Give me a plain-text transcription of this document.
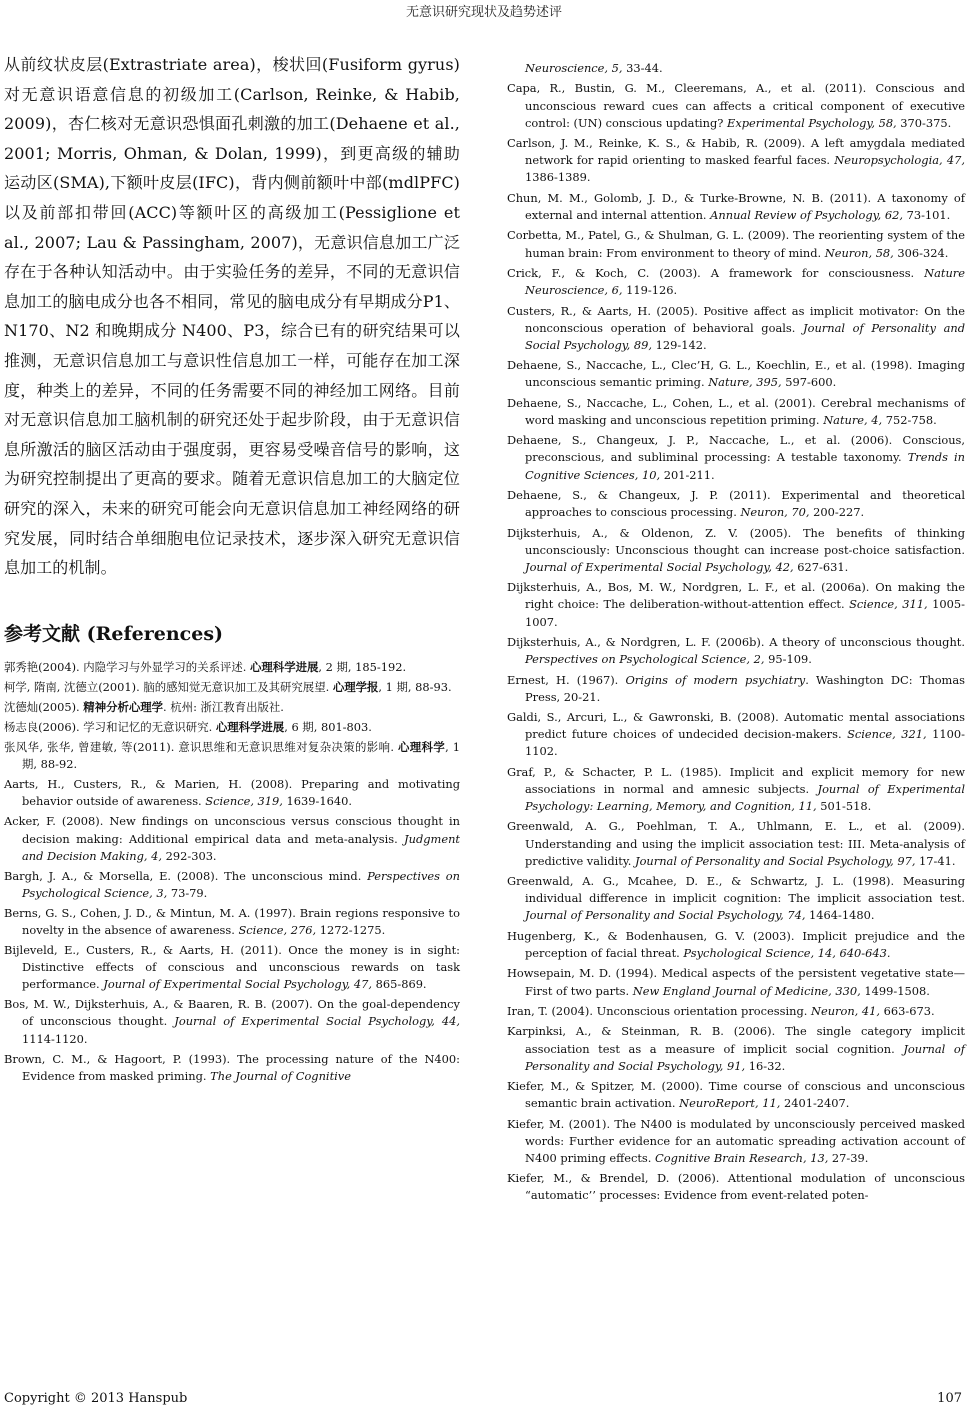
无意识研究现状及趋势述评

从前纹状皮层(Extrastriate area)，梭状回(Fusiform gyrus)对无意识语意信息的初级加工(Carlson, Reinke, & Habib, 2009)，杏仁核对无意识恐惧面孔刺激的加工(Dehaene et al., 2001; Morris, Ohman, & Dolan, 1999)，到更高级的辅助运动区(SMA),下额叶皮层(IFC)，背内侧前额叶中部(mdlPFC)以及前部扣带回(ACC)等额叶区的高级加工(Pessiglione et al., 2007; Lau & Passingham, 2007)，无意识信息加工广泛存在于各种认知活动中。由于实验任务的差异，不同的无意识信息加工的脑电成分也各不相同，常见的脑电成分有早期成分P1、N170、N2 和晚期成分 N400、P3，综合已有的研究结果可以推测，无意识信息加工与意识性信息加工一样，可能存在加工深度，种类上的差异，不同的任务需要不同的神经加工网络。目前对无意识信息加工脑机制的研究还处于起步阶段，由于无意识信息所激活的脑区活动由于强度弱，更容易受噪音信号的影响，这为研究控制提出了更高的要求。随着无意识信息加工的大脑定位研究的深入，未来的研究可能会向无意识信息加工神经网络的研究发展，同时结合单细胞电位记录技术，逐步深入研究无意识信息加工的机制。

参考文献 (References)
郭秀艳(2004). 内隐学习与外显学习的关系评述. 心理科学进展, 2 期, 185-192.
柯学, 隋南, 沈德立(2001). 脑的感知觉无意识加工及其研究展望. 心理学报, 1 期, 88-93.
沈德灿(2005). 精神分析心理学. 杭州: 浙江教育出版社.
杨志良(2006). 学习和记忆的无意识研究. 心理科学进展, 6 期, 801-803.
张风华, 张华, 曾建敏, 等(2011). 意识思维和无意识思维对复杂决策的影响. 心理科学, 1 期, 88-92.
Aarts, H., Custers, R., & Marien, H. (2008). Preparing and motivating behavior outside of awareness. Science, 319, 1639-1640.
Acker, F. (2008). New findings on unconscious versus conscious thought in decision making: Additional empirical data and meta-analysis. Judgment and Decision Making, 4, 292-303.
Bargh, J. A., & Morsella, E. (2008). The unconscious mind. Perspectives on Psychological Science, 3, 73-79.
Berns, G. S., Cohen, J. D., & Mintun, M. A. (1997). Brain regions responsive to novelty in the absence of awareness. Science, 276, 1272-1275.
Bijleveld, E., Custers, R., & Aarts, H. (2011). Once the money is in sight: Distinctive effects of conscious and unconscious rewards on task performance. Journal of Experimental Social Psychology, 47, 865-869.
Bos, M. W., Dijksterhuis, A., & Baaren, R. B. (2007). On the goal-dependency of unconscious thought. Journal of Experimental Social Psychology, 44, 1114-1120.
Brown, C. M., & Hagoort, P. (1993). The processing nature of the N400: Evidence from masked priming. The Journal of Cognitive
Neuroscience, 5, 33-44.
Capa, R., Bustin, G. M., Cleeremans, A., et al. (2011). Conscious and unconscious reward cues can affects a critical component of executive control: (UN) conscious updating? Experimental Psychology, 58, 370-375.
Carlson, J. M., Reinke, K. S., & Habib, R. (2009). A left amygdala mediated network for rapid orienting to masked fearful faces. Neuropsychologia, 47, 1386-1389.
Chun, M. M., Golomb, J. D., & Turke-Browne, N. B. (2011). A taxonomy of external and internal attention. Annual Review of Psychology, 62, 73-101.
Corbetta, M., Patel, G., & Shulman, G. L. (2009). The reorienting system of the human brain: From environment to theory of mind. Neuron, 58, 306-324.
Crick, F., & Koch, C. (2003). A framework for consciousness. Nature Neuroscience, 6, 119-126.
Custers, R., & Aarts, H. (2005). Positive affect as implicit motivator: On the nonconscious operation of behavioral goals. Journal of Personality and Social Psychology, 89, 129-142.
Dehaene, S., Naccache, L., Clec’H, G. L., Koechlin, E., et al. (1998). Imaging unconscious semantic priming. Nature, 395, 597-600.
Dehaene, S., Naccache, L., Cohen, L., et al. (2001). Cerebral mechanisms of word masking and unconscious repetition priming. Nature, 4, 752-758.
Dehaene, S., Changeux, J. P., Naccache, L., et al. (2006). Conscious, preconscious, and subliminal processing: A testable taxonomy. Trends in Cognitive Sciences, 10, 201-211.
Dehaene, S., & Changeux, J. P. (2011). Experimental and theoretical approaches to conscious processing. Neuron, 70, 200-227.
Dijksterhuis, A., & Oldenon, Z. V. (2005). The benefits of thinking unconsciously: Unconscious thought can increase post-choice satisfaction. Journal of Experimental Social Psychology, 42, 627-631.
Dijksterhuis, A., Bos, M. W., Nordgren, L. F., et al. (2006a). On making the right choice: The deliberation-without-attention effect. Science, 311, 1005-1007.
Dijksterhuis, A., & Nordgren, L. F. (2006b). A theory of unconscious thought. Perspectives on Psychological Science, 2, 95-109.
Ernest, H. (1967). Origins of modern psychiatry. Washington DC: Thomas Press, 20-21.
Galdi, S., Arcuri, L., & Gawronski, B. (2008). Automatic mental associations predict future choices of undecided decision-makers. Science, 321, 1100-1102.
Graf, P., & Schacter, P. L. (1985). Implicit and explicit memory for new associations in normal and amnesic subjects. Journal of Experimental Psychology: Learning, Memory, and Cognition, 11, 501-518.
Greenwald, A. G., Poehlman, T. A., Uhlmann, E. L., et al. (2009). Understanding and using the implicit association test: III. Meta-analysis of predictive validity. Journal of Personality and Social Psychology, 97, 17-41.
Greenwald, A. G., Mcahee, D. E., & Schwartz, J. L. (1998). Measuring individual difference in implicit cognition: The implicit association test. Journal of Personality and Social Psychology, 74, 1464-1480.
Hugenberg, K., & Bodenhausen, G. V. (2003). Implicit prejudice and the perception of facial threat. Psychological Science, 14, 640-643.
Howsepain, M. D. (1994). Medical aspects of the persistent vegetative state—First of two parts. New England Journal of Medicine, 330, 1499-1508.
Iran, T. (2004). Unconscious orientation processing. Neuron, 41, 663-673.
Karpinksi, A., & Steinman, R. B. (2006). The single category implicit association test as a measure of implicit social cognition. Journal of Personality and Social Psychology, 91, 16-32.
Kiefer, M., & Spitzer, M. (2000). Time course of conscious and unconscious semantic brain activation. NeuroReport, 11, 2401-2407.
Kiefer, M. (2001). The N400 is modulated by unconsciously perceived masked words: Further evidence for an automatic spreading activation account of N400 priming effects. Cognitive Brain Research, 13, 27-39.
Kiefer, M., & Brendel, D. (2006). Attentional modulation of unconscious “automatic’’ processes: Evidence from event-related poten-
Copyright © 2013 Hanspub	107
